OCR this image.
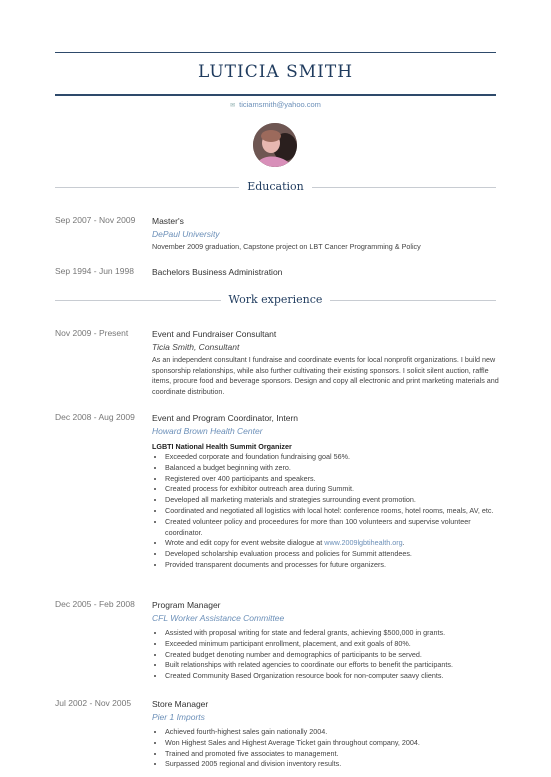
LUTICIA SMITH
✉ ticiamsmith@yahoo.com
Education
Sep 2007 - Nov 2009	Master's
DePaul University
November 2009 graduation, Capstone project on LBT Cancer Programming & Policy
Sep 1994 - Jun 1998	Bachelors Business Administration
Work experience
Nov 2009 - Present	Event and Fundraiser Consultant
Ticia Smith, Consultant
As an independent consultant I fundraise and coordinate events for local nonprofit organizations. I build new sponsorship relationships, while also further cultivating their existing sponsors. I solicit silent auction, raffle items, procure food and beverage sponsors. Design and copy all electronic and print marketing materials and coordinate distribution.
Dec 2008 - Aug 2009	Event and Program Coordinator, Intern
Howard Brown Health Center
LGBTI National Health Summit Organizer
• Exceeded corporate and foundation fundraising goal 56%.
• Balanced a budget beginning with zero.
• Registered over 400 participants and speakers.
• Created process for exhibitor outreach area during Summit.
• Developed all marketing materials and strategies surrounding event promotion.
• Coordinated and negotiated all logistics with local hotel: conference rooms, hotel rooms, meals, AV, etc.
• Created volunteer policy and proceedures for more than 100 volunteers and supervise volunteer coordinator.
• Wrote and edit copy for event website dialogue at www.2009lgbtihealth.org.
• Developed scholarship evaluation process and policies for Summit attendees.
• Provided transparent documents and processes for future organizers.
Dec 2005 - Feb 2008	Program Manager
CFL Worker Assistance Committee
• Assisted with proposal writing for state and federal grants, achieving $500,000 in grants.
• Exceeded minimum participant enrollment, placement, and exit goals of 80%.
• Created budget denoting number and demographics of participants to be served.
• Built relationships with related agencies to coordinate our efforts to benefit the participants.
• Created Community Based Organization resource book for non-computer saavy clients.
Jul 2002 - Nov 2005	Store Manager
Pier 1 Imports
• Achieved fourth-highest sales gain nationally 2004.
• Won Highest Sales and Highest Average Ticket gain throughout company, 2004.
• Trained and promoted five associates to management.
• Surpassed 2005 regional and division inventory results.
